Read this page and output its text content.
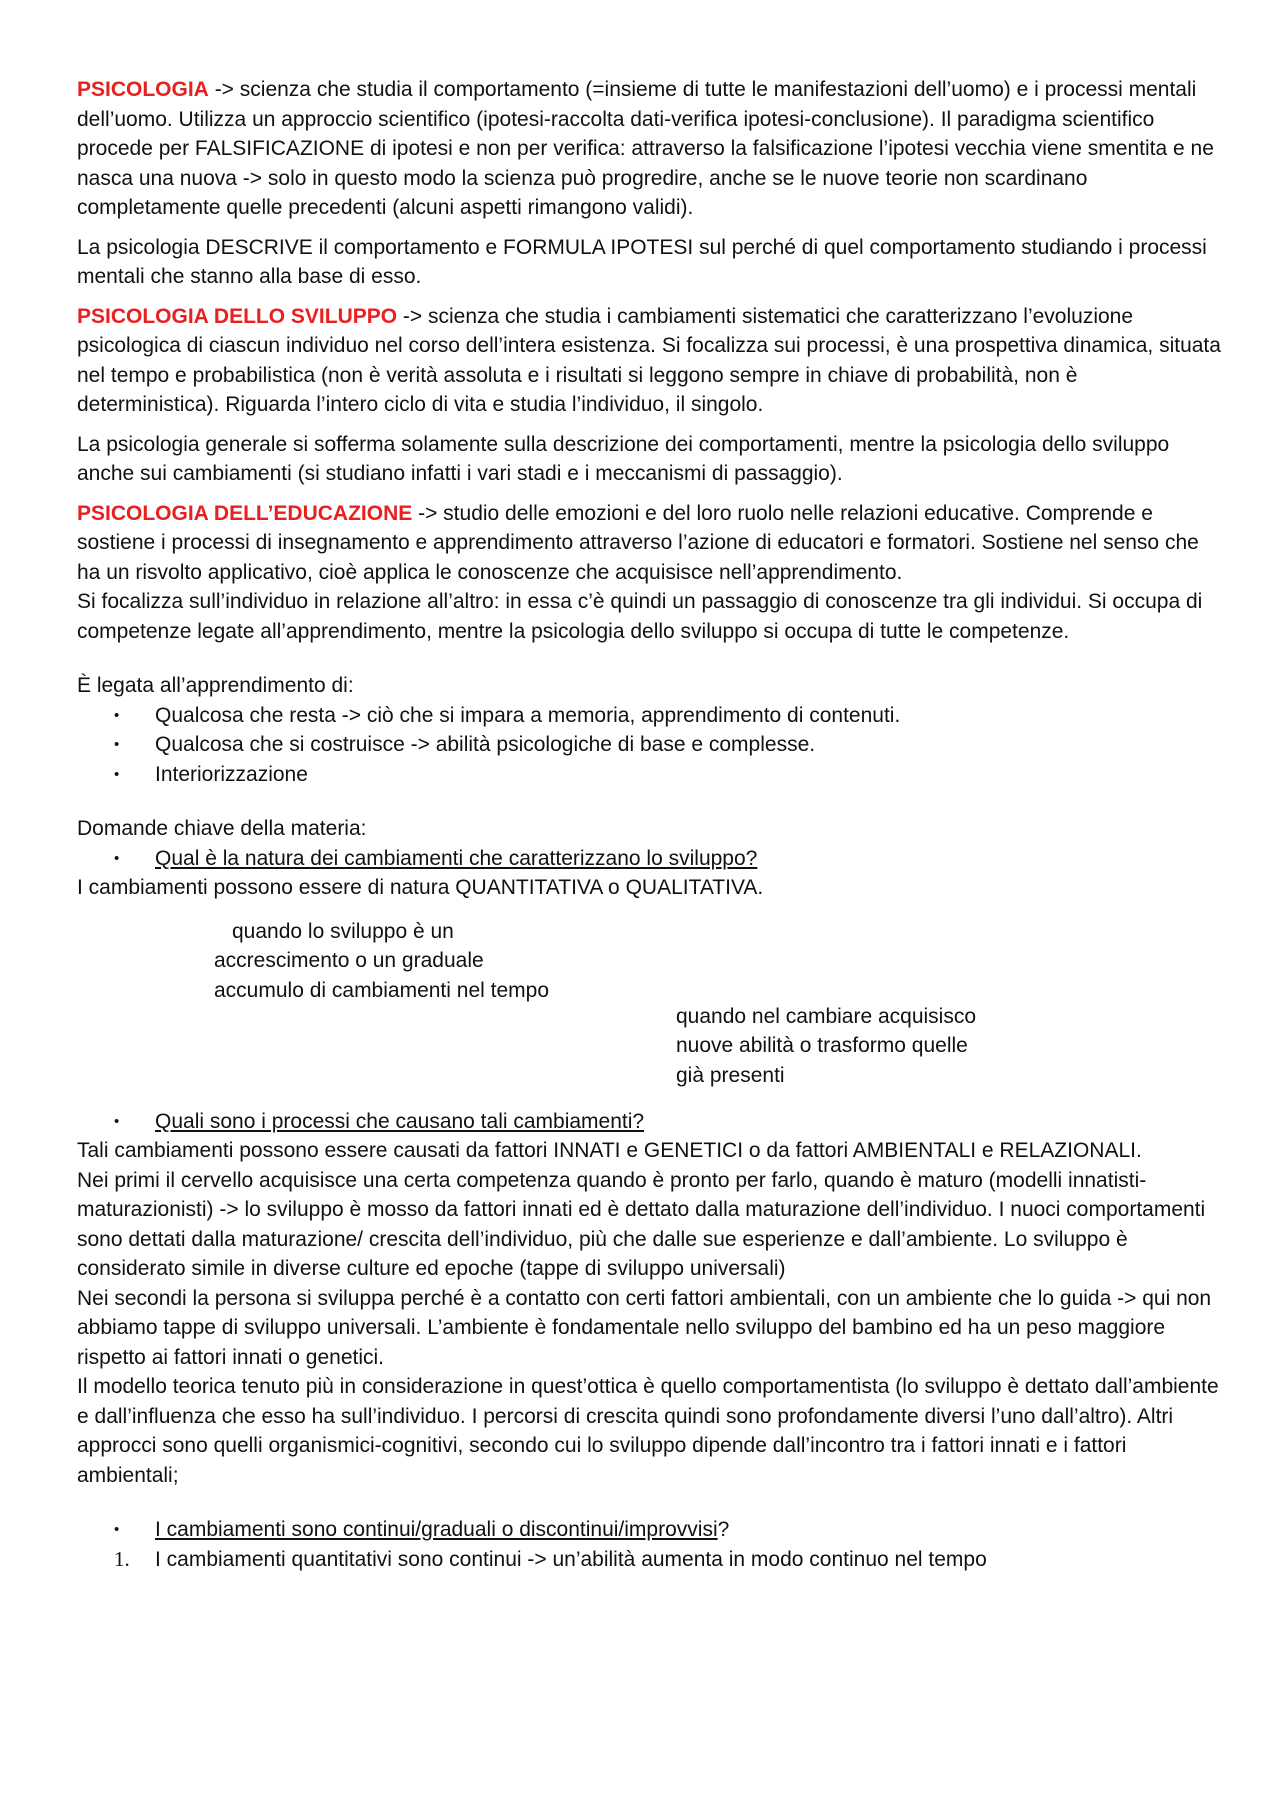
PSICOLOGIA -> scienza che studia il comportamento (=insieme di tutte le manifestazioni dell’uomo) e i processi mentali dell’uomo. Utilizza un approccio scientifico (ipotesi-raccolta dati-verifica ipotesi-conclusione). Il paradigma scientifico procede per FALSIFICAZIONE di ipotesi e non per verifica: attraverso la falsificazione l’ipotesi vecchia viene smentita e ne nasca una nuova -> solo in questo modo la scienza può progredire, anche se le nuove teorie non scardinano completamente quelle precedenti (alcuni aspetti rimangono validi).

La psicologia DESCRIVE il comportamento e FORMULA IPOTESI sul perché di quel comportamento studiando i processi mentali che stanno alla base di esso.

PSICOLOGIA DELLO SVILUPPO -> scienza che studia i cambiamenti sistematici che caratterizzano l’evoluzione psicologica di ciascun individuo nel corso dell’intera esistenza. Si focalizza sui processi, è una prospettiva dinamica, situata nel tempo e probabilistica (non è verità assoluta e i risultati si leggono sempre in chiave di probabilità, non è deterministica). Riguarda l’intero ciclo di vita e studia l’individuo, il singolo.

La psicologia generale si sofferma solamente sulla descrizione dei comportamenti, mentre la psicologia dello sviluppo anche sui cambiamenti (si studiano infatti i vari stadi e i meccanismi di passaggio).

PSICOLOGIA DELL’EDUCAZIONE -> studio delle emozioni e del loro ruolo nelle relazioni educative. Comprende e sostiene i processi di insegnamento e apprendimento attraverso l’azione di educatori e formatori. Sostiene nel senso che ha un risvolto applicativo, cioè applica le conoscenze che acquisisce nell’apprendimento.

Si focalizza sull’individuo in relazione all’altro: in essa c’è quindi un passaggio di conoscenze tra gli individui. Si occupa di competenze legate all’apprendimento, mentre la psicologia dello sviluppo si occupa di tutte le competenze.

È legata all’apprendimento di:

• Qualcosa che resta -> ciò che si impara a memoria, apprendimento di contenuti.
• Qualcosa che si costruisce -> abilità psicologiche di base e complesse.
• Interiorizzazione

Domande chiave della materia:

• Qual è la natura dei cambiamenti che caratterizzano lo sviluppo?

I cambiamenti possono essere di natura QUANTITATIVA o QUALITATIVA.

quando lo sviluppo è un
accrescimento o un graduale
accumulo di cambiamenti nel tempo
quando nel cambiare acquisisco
nuove abilità o trasformo quelle
già presenti
• Quali sono i processi che causano tali cambiamenti?

Tali cambiamenti possono essere causati da fattori INNATI e GENETICI o da fattori AMBIENTALI e RELAZIONALI.

Nei primi il cervello acquisisce una certa competenza quando è pronto per farlo, quando è maturo (modelli innatisti-maturazionisti) -> lo sviluppo è mosso da fattori innati ed è dettato dalla maturazione dell’individuo. I nuoci comportamenti sono dettati dalla maturazione/ crescita dell’individuo, più che dalle sue esperienze e dall’ambiente. Lo sviluppo è considerato simile in diverse culture ed epoche (tappe di sviluppo universali)

Nei secondi la persona si sviluppa perché è a contatto con certi fattori ambientali, con un ambiente che lo guida -> qui non abbiamo tappe di sviluppo universali. L’ambiente è fondamentale nello sviluppo del bambino ed ha un peso maggiore rispetto ai fattori innati o genetici.

Il modello teorica tenuto più in considerazione in quest’ottica è quello comportamentista (lo sviluppo è dettato dall’ambiente e dall’influenza che esso ha sull’individuo. I percorsi di crescita quindi sono profondamente diversi l’uno dall’altro). Altri approcci sono quelli organismici-cognitivi, secondo cui lo sviluppo dipende dall’incontro tra i fattori innati e i fattori ambientali;

• I cambiamenti sono continui/graduali o discontinui/improvvisi?
1. I cambiamenti quantitativi sono continui -> un’abilità aumenta in modo continuo nel tempo
